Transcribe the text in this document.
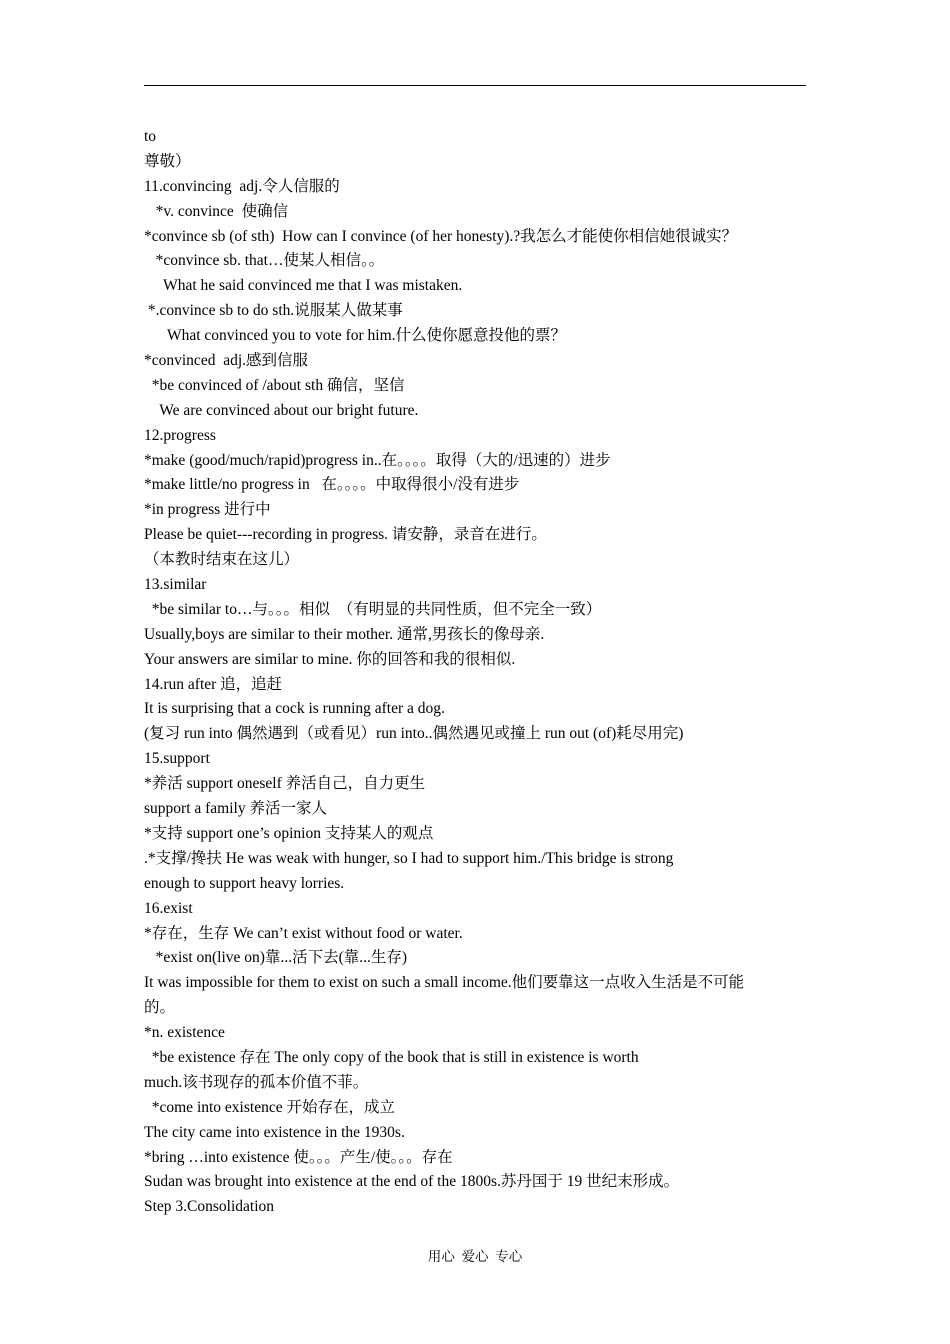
to
尊敬）
11.convincing  adj.令人信服的
*v. convince  使确信
*convince sb (of sth)  How can I convince (of her honesty).?我怎么才能使你相信她很诚实？
*convince sb. that…使某人相信。。
What he said convinced me that I was mistaken.
*.convince sb to do sth.说服某人做某事
What convinced you to vote for him.什么使你愿意投他的票？
*convinced  adj.感到信服
*be convinced of /about sth 确信，坚信
We are convinced about our bright future.
12.progress
*make (good/much/rapid)progress in..在。。。。取得（大的/迅速的）进步
*make little/no progress in   在。。。。中取得很小/没有进步
*in progress 进行中
Please be quiet---recording in progress. 请安静，录音在进行。
（本教时结束在这儿）
13.similar
*be similar to…与。。。相似  （有明显的共同性质，但不完全一致）
Usually,boys are similar to their mother. 通常,男孩长的像母亲.
Your answers are similar to mine. 你的回答和我的很相似.
14.run after 追，追赶
It is surprising that a cock is running after a dog.
(复习 run into 偶然遇到（或看见）run into..偶然遇见或撞上 run out (of)耗尽用完)
15.support
*养活 support oneself 养活自己，自力更生
support a family 养活一家人
*支持 support one’s opinion 支持某人的观点
.*支撑/搀扶 He was weak with hunger, so I had to support him./This bridge is strong
enough to support heavy lorries.
16.exist
*存在，生存 We can’t exist without food or water.
*exist on(live on)靠...活下去(靠...生存)
It was impossible for them to exist on such a small income.他们要靠这一点收入生活是不可能
的。
*n. existence
*be existence 存在 The only copy of the book that is still in existence is worth
much.该书现存的孤本价值不菲。
*come into existence 开始存在，成立
The city came into existence in the 1930s.
*bring …into existence 使。。。产生/使。。。存在
Sudan was brought into existence at the end of the 1800s.苏丹国于 19 世纪末形成。
Step 3.Consolidation
用心  爱心  专心
